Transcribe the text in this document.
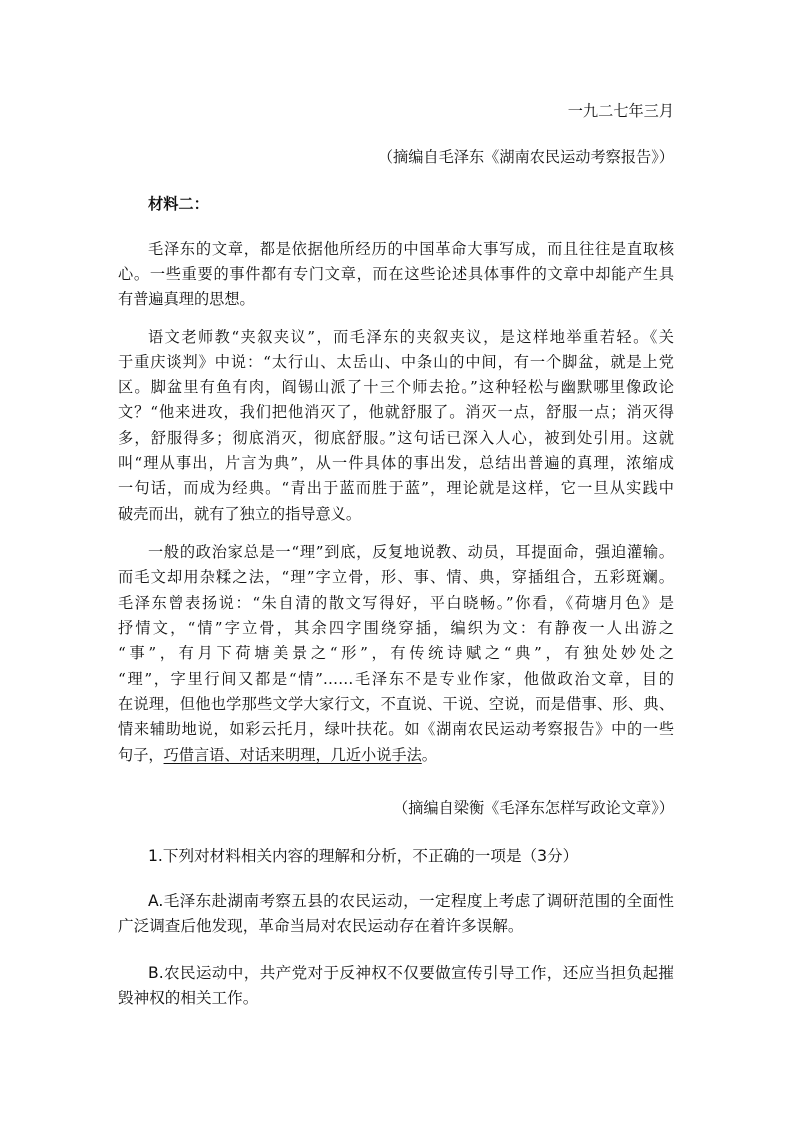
一九二七年三月
（摘编自毛泽东《湖南农民运动考察报告》）
材料二：
毛泽东的文章，都是依据他所经历的中国革命大事写成，而且往往是直取核
心。一些重要的事件都有专门文章，而在这些论述具体事件的文章中却能产生具
有普遍真理的思想。
语文老师教“夹叙夹议”，而毛泽东的夹叙夹议，是这样地举重若轻。《关
于重庆谈判》中说：“太行山、太岳山、中条山的中间，有一个脚盆，就是上党
区。脚盆里有鱼有肉，阎锡山派了十三个师去抢。”这种轻松与幽默哪里像政论
文？“他来进攻，我们把他消灭了，他就舒服了。消灭一点，舒服一点；消灭得
多，舒服得多；彻底消灭，彻底舒服。”这句话已深入人心，被到处引用。这就
叫“理从事出，片言为典”，从一件具体的事出发，总结出普遍的真理，浓缩成
一句话，而成为经典。“青出于蓝而胜于蓝”，理论就是这样，它一旦从实践中
破壳而出，就有了独立的指导意义。
一般的政治家总是一“理”到底，反复地说教、动员，耳提面命，强迫灌输。
而毛文却用杂糅之法，“理”字立骨，形、事、情、典，穿插组合，五彩斑斓。
毛泽东曾表扬说：“朱自清的散文写得好，平白晓畅。”你看，《荷塘月色》是
抒情文，“情”字立骨，其余四字围绕穿插，编织为文：有静夜一人出游之
“事”，有月下荷塘美景之“形”，有传统诗赋之“典”，有独处妙处之
“理”，字里行间又都是“情”……毛泽东不是专业作家，他做政治文章，目的
在说理，但他也学那些文学大家行文，不直说、干说、空说，而是借事、形、典、
情来辅助地说，如彩云托月，绿叶扶花。如《湖南农民运动考察报告》中的一些
句子，巧借言语、对话来明理，几近小说手法。
（摘编自梁衡《毛泽东怎样写政论文章》）
1.下列对材料相关内容的理解和分析，不正确的一项是（3分）
A.毛泽东赴湖南考察五县的农民运动，一定程度上考虑了调研范围的全面性
广泛调查后他发现，革命当局对农民运动存在着许多误解。
B.农民运动中，共产党对于反神权不仅要做宣传引导工作，还应当担负起摧
毁神权的相关工作。
